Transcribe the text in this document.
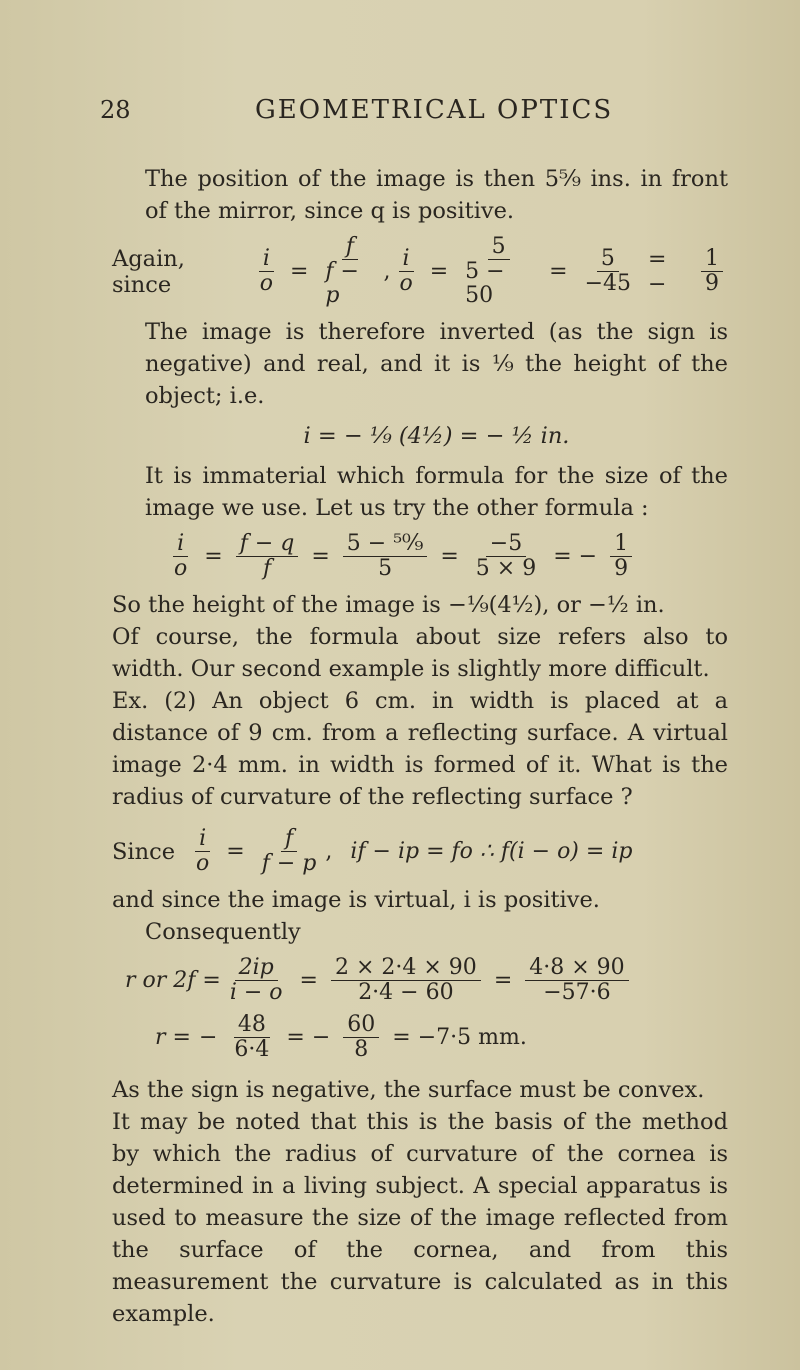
28	GEOMETRICAL OPTICS

The position of the image is then 5⁵⁄₉ ins. in front of the mirror, since q is positive.

Again, since	$\frac{i}{o} = \frac{f}{f - p}$ , $\frac{i}{o} = \frac{5}{5 - 50} = \frac{5}{-45}$ = −	$\frac{1}{9}$

The image is therefore inverted (as the sign is negative) and real, and it is ¹⁄₉ the height of the object; i.e.

i = − ¹⁄₉ (4½) = − ½ in.

It is immaterial which formula for the size of the image we use. Let us try the other formula :

$\frac{i}{o} = \frac{f - q}{f} = \frac{\text{5 − ⁵⁰⁄₉}}{5} = \frac{-5}{5 \times 9}$ = − $\frac{1}{9}$

So the height of the image is −¹⁄₉(4½), or −½ in.

Of course, the formula about size refers also to width. Our second example is slightly more difficult.

Ex. (2) An object 6 cm. in width is placed at a distance of 9 cm. from a reflecting surface. A virtual image 2·4 mm. in width is formed of it. What is the radius of curvature of the reflecting surface ?

Since $\frac{i}{o} = \frac{f}{f - p}$ , if − ip = fo ∴ f(i − o) = ip

and since the image is virtual, i is positive.

Consequently

r or $2f = \frac{2ip}{i - o} = \frac{2 \times 2\cdot 4 \times 90}{2\cdot 4 - 60} = \frac{4\cdot 8 \times 90}{-57\cdot 6}$
r = − $\frac{48}{6\cdot 4}$ = − $\frac{60}{8} = -7\cdot 5$ mm.

As the sign is negative, the surface must be convex.

It may be noted that this is the basis of the method by which the radius of curvature of the cornea is determined in a living subject. A special apparatus is used to measure the size of the image reflected from the surface of the cornea, and from this measurement the curvature is calculated as in this example.
